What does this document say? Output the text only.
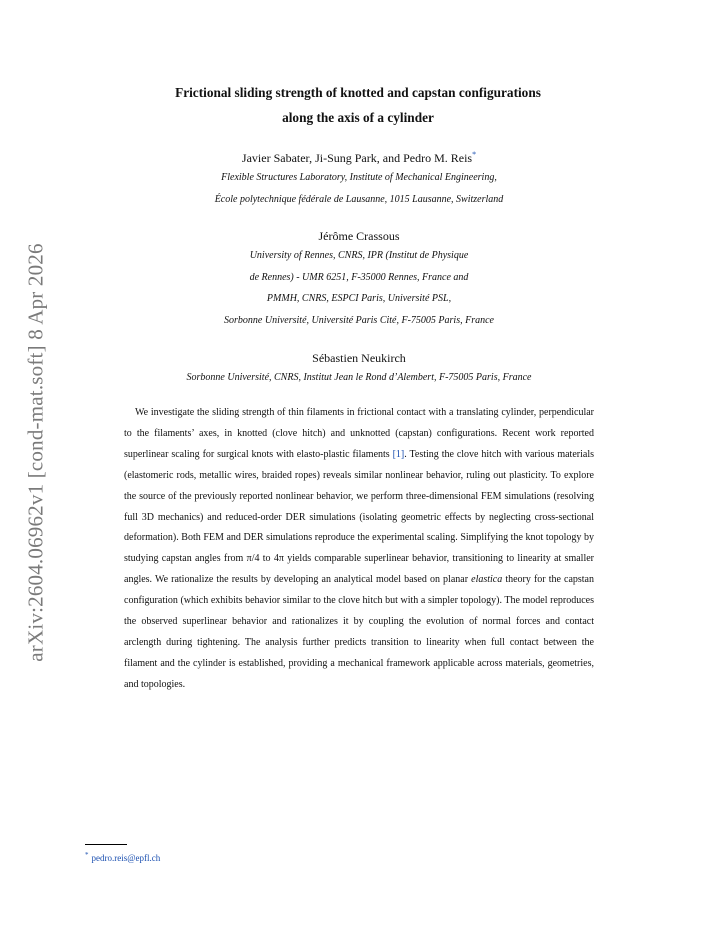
arXiv:2604.06962v1 [cond-mat.soft] 8 Apr 2026
Frictional sliding strength of knotted and capstan configurations
along the axis of a cylinder
Javier Sabater, Ji-Sung Park, and Pedro M. Reis*
Flexible Structures Laboratory, Institute of Mechanical Engineering,
École polytechnique fédérale de Lausanne, 1015 Lausanne, Switzerland
Jérôme Crassous
University of Rennes, CNRS, IPR (Institut de Physique
de Rennes) - UMR 6251, F-35000 Rennes, France and
PMMH, CNRS, ESPCI Paris, Université PSL,
Sorbonne Université, Université Paris Cité, F-75005 Paris, France
Sébastien Neukirch
Sorbonne Université, CNRS, Institut Jean le Rond d’Alembert, F-75005 Paris, France

We investigate the sliding strength of thin filaments in frictional contact with a translating cylinder, perpendicular to the filaments’ axes, in knotted (clove hitch) and unknotted (capstan) configurations. Recent work reported superlinear scaling for surgical knots with elasto-plastic filaments [1]. Testing the clove hitch with various materials (elastomeric rods, metallic wires, braided ropes) reveals similar nonlinear behavior, ruling out plasticity. To explore the source of the previously reported nonlinear behavior, we perform three-dimensional FEM simulations (resolving full 3D mechanics) and reduced-order DER simulations (isolating geometric effects by neglecting cross-sectional deformation). Both FEM and DER simulations reproduce the experimental scaling. Simplifying the knot topology by studying capstan angles from π/4 to 4π yields comparable superlinear behavior, transitioning to linearity at smaller angles. We rationalize the results by developing an analytical model based on planar elastica theory for the capstan configuration (which exhibits behavior similar to the clove hitch but with a simpler topology). The model reproduces the observed superlinear behavior and rationalizes it by coupling the evolution of normal forces and contact arclength during tightening. The analysis further predicts transition to linearity when full contact between the filament and the cylinder is established, providing a mechanical framework applicable across materials, geometries, and topologies.

* pedro.reis@epfl.ch
